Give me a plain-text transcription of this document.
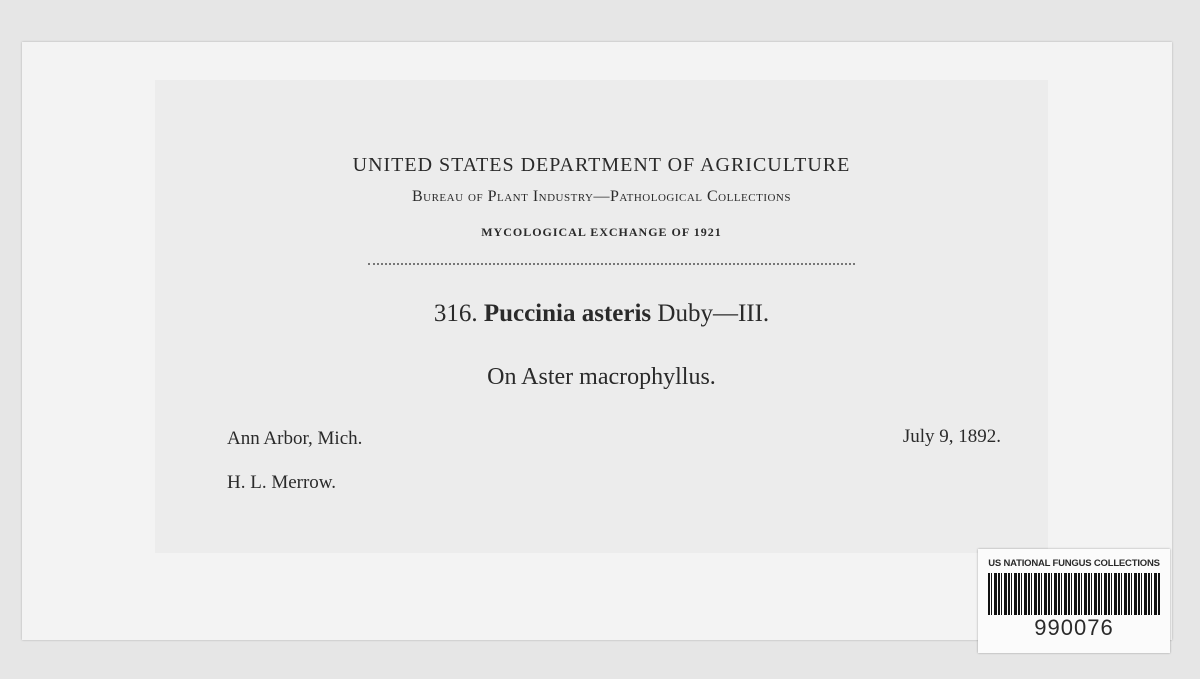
UNITED STATES DEPARTMENT OF AGRICULTURE
Bureau of Plant Industry—Pathological Collections
MYCOLOGICAL EXCHANGE OF 1921
316. Puccinia asteris Duby—III.
On Aster macrophyllus.
Ann Arbor, Mich.	July 9, 1892.
H. L. Merrow.
US NATIONAL FUNGUS COLLECTIONS
990076
